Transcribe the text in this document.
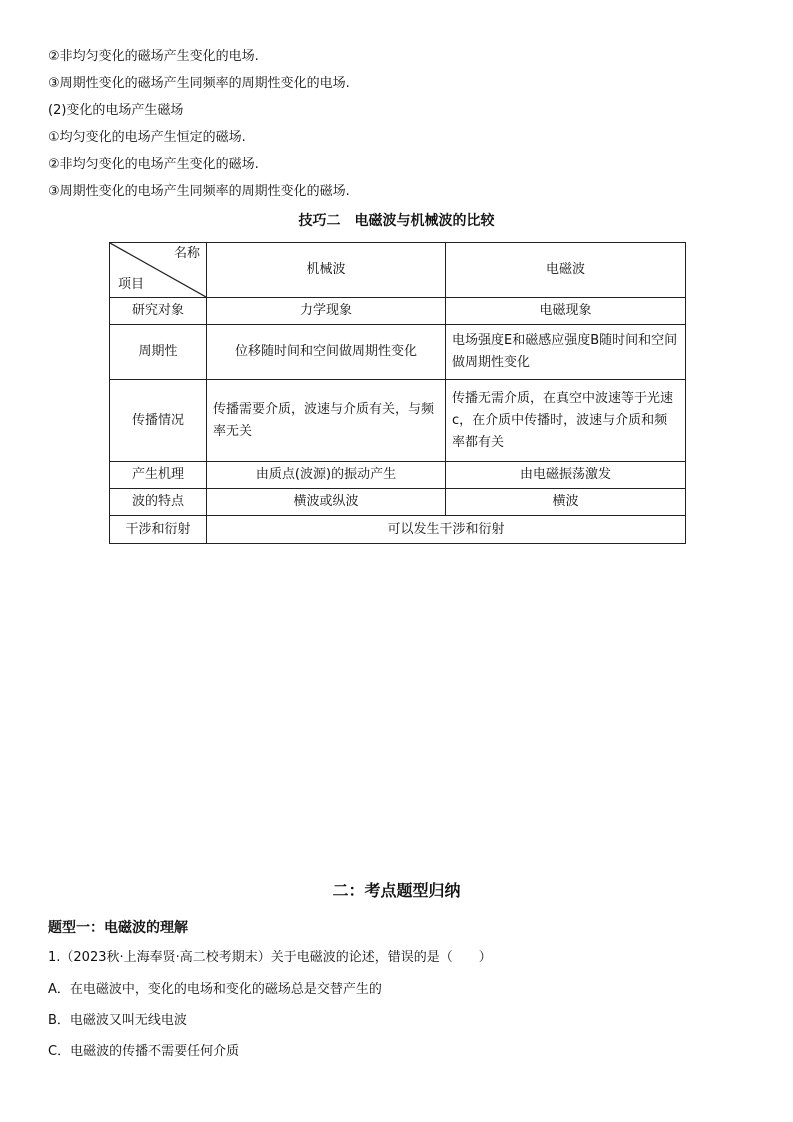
②非均匀变化的磁场产生变化的电场.
③周期性变化的磁场产生同频率的周期性变化的电场.
(2)变化的电场产生磁场
①均匀变化的电场产生恒定的磁场.
②非均匀变化的电场产生变化的磁场.
③周期性变化的电场产生同频率的周期性变化的磁场.
技巧二　电磁波与机械波的比较
名称
项目	机械波	电磁波
研究对象	力学现象	电磁现象
周期性	位移随时间和空间做周期性变化	电场强度E和磁感应强度B随时间和空间做周期性变化
传播情况	传播需要介质，波速与介质有关，与频率无关	传播无需介质，在真空中波速等于光速c，在介质中传播时，波速与介质和频率都有关
产生机理	由质点(波源)的振动产生	由电磁振荡激发
波的特点	横波或纵波	横波
干涉和衍射	可以发生干涉和衍射	
二：考点题型归纳
题型一：电磁波的理解
1.（2023秋·上海奉贤·高二校考期末）关于电磁波的论述，错误的是（　　）
A．在电磁波中，变化的电场和变化的磁场总是交替产生的
B．电磁波又叫无线电波
C．电磁波的传播不需要任何介质
